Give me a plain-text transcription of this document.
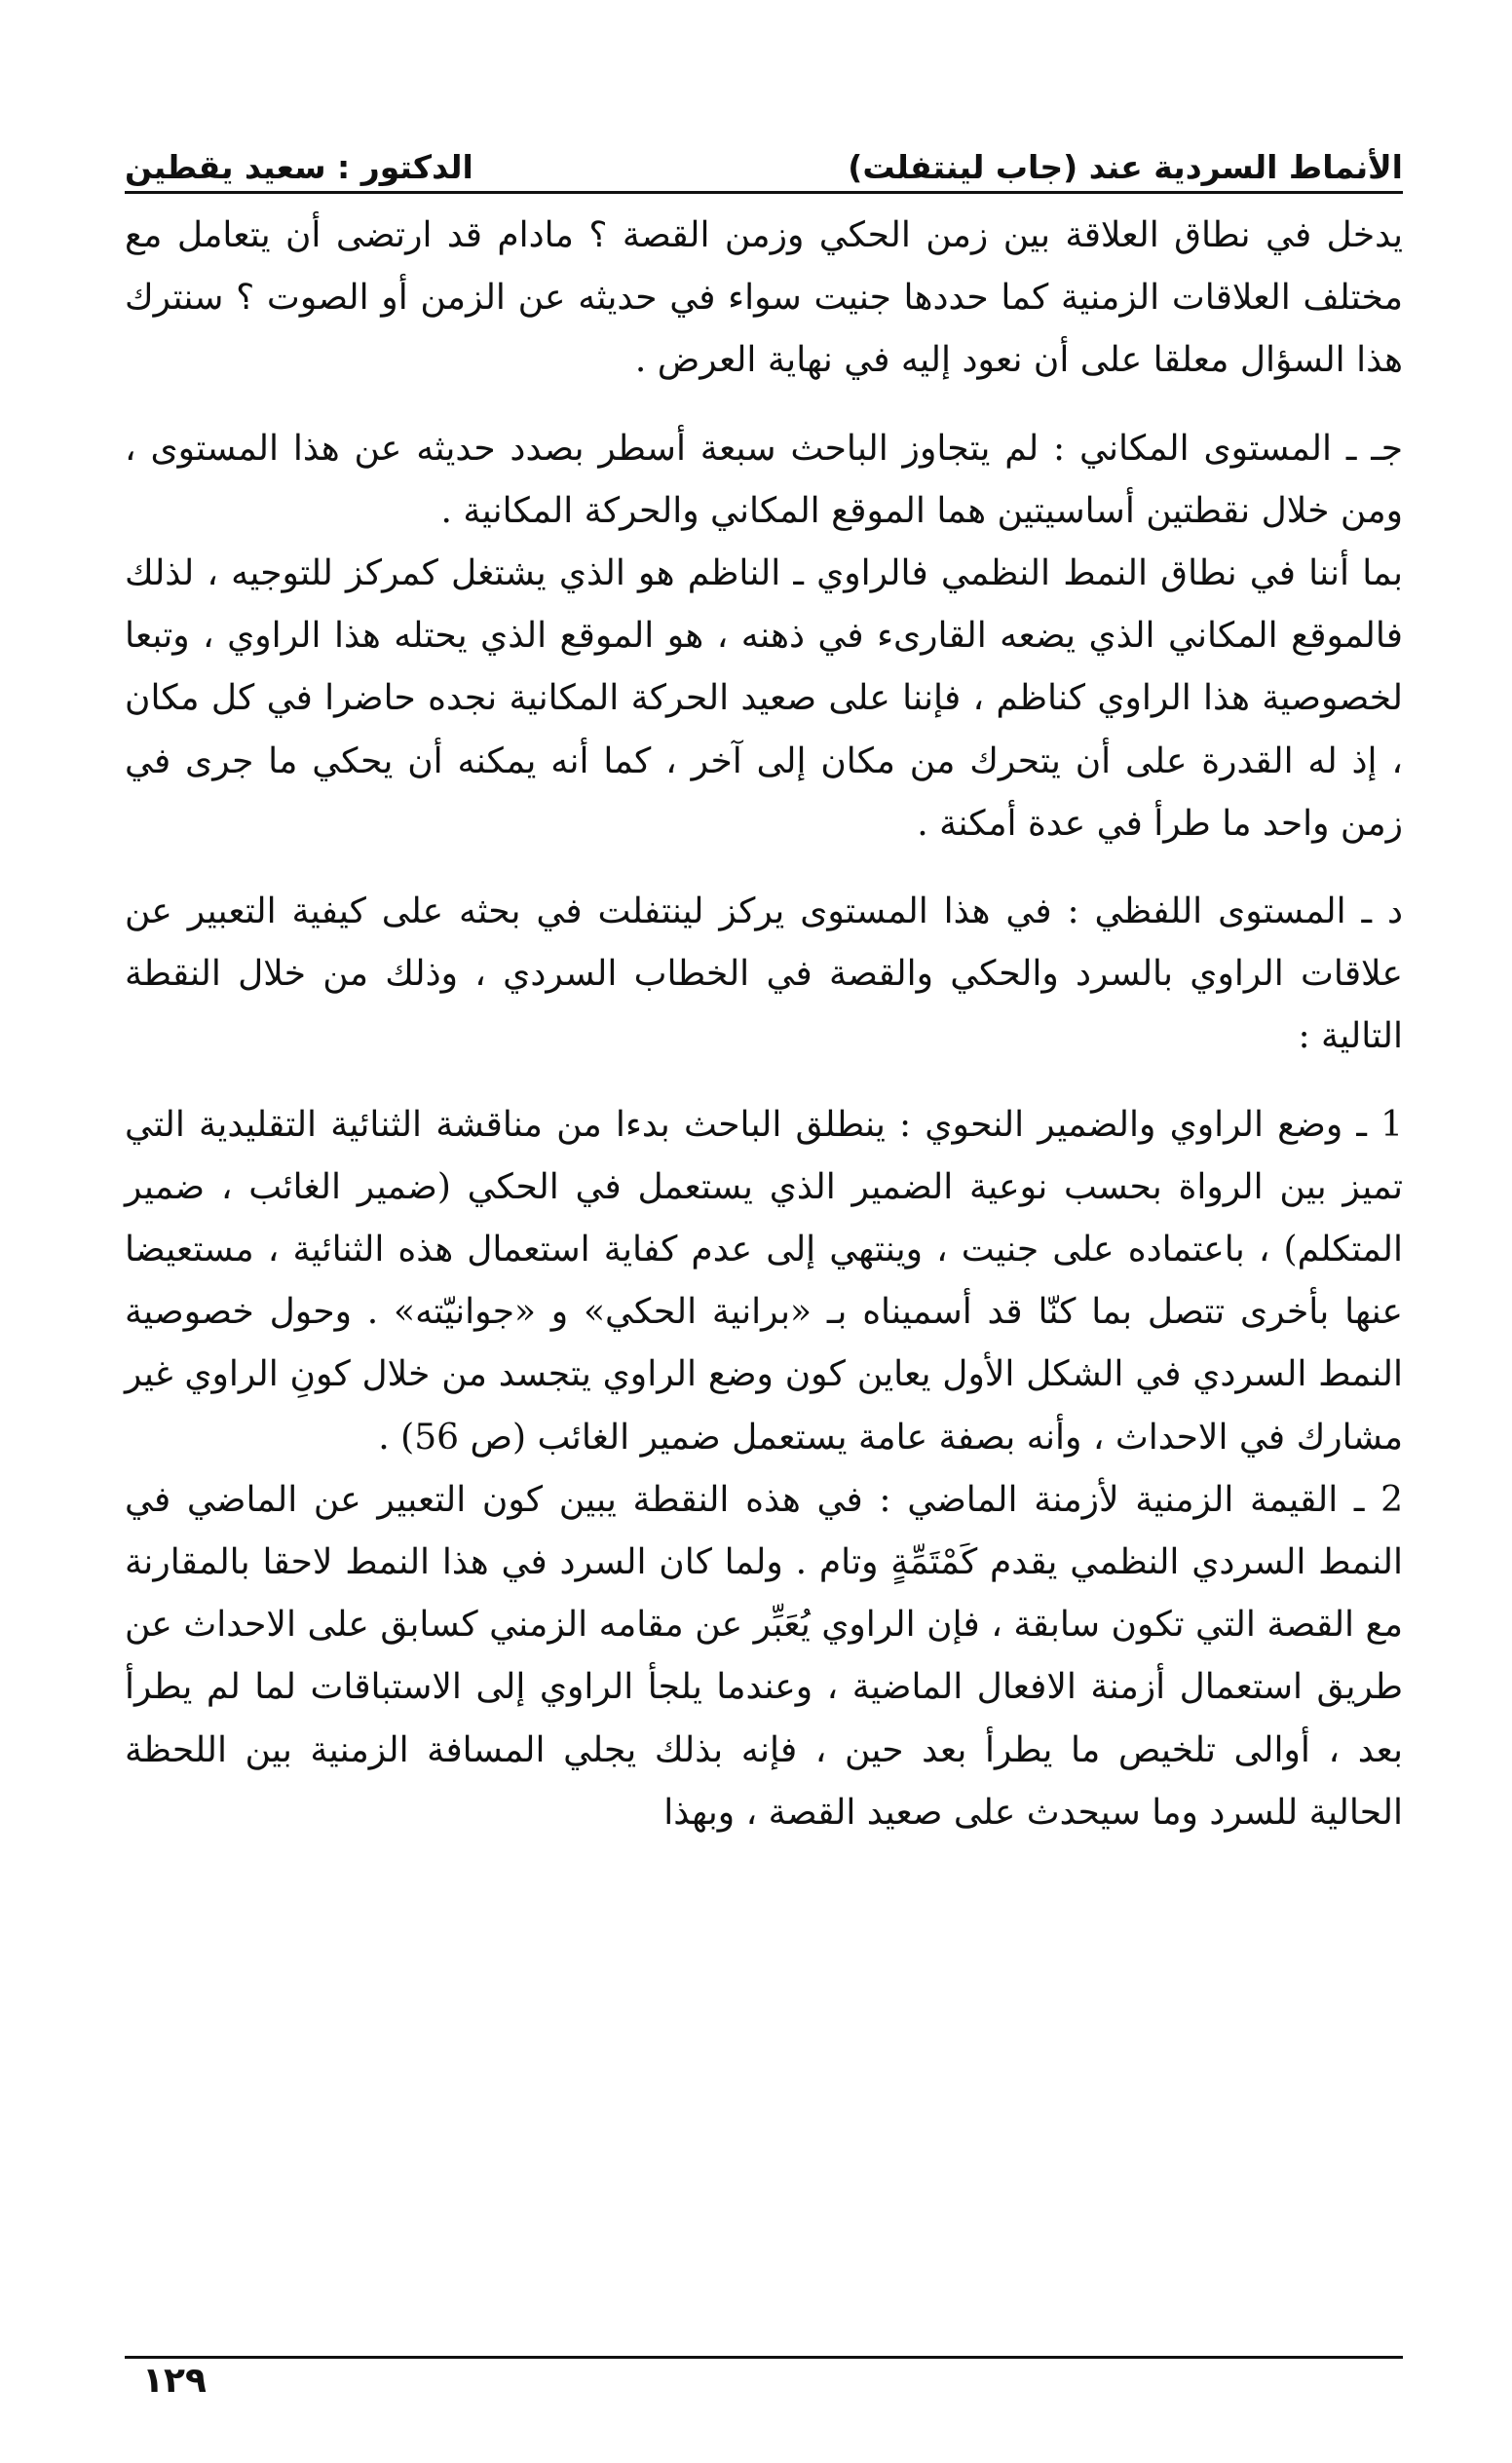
الأنماط السردية عند (جاب لينتفلت)
الدكتور : سعيد يقطين

يدخل في نطاق العلاقة بين زمن الحكي وزمن القصة ؟ مادام قد ارتضى أن يتعامل مع مختلف العلاقات الزمنية كما حددها جنيت سواء في حديثه عن الزمن أو الصوت ؟ سنترك هذا السؤال معلقا على أن نعود إليه في نهاية العرض .

جـ ـ المستوى المكاني : لم يتجاوز الباحث سبعة أسطر بصدد حديثه عن هذا المستوى ، ومن خلال نقطتين أساسيتين هما الموقع المكاني والحركة المكانية .

بما أننا في نطاق النمط النظمي فالراوي ـ الناظم هو الذي يشتغل كمركز للتوجيه ، لذلك فالموقع المكاني الذي يضعه القارىء في ذهنه ، هو الموقع الذي يحتله هذا الراوي ، وتبعا لخصوصية هذا الراوي كناظم ، فإننا على صعيد الحركة المكانية نجده حاضرا في كل مكان ، إذ له القدرة على أن يتحرك من مكان إلى آخر ، كما أنه يمكنه أن يحكي ما جرى في زمن واحد ما طرأ في عدة أمكنة .

د ـ المستوى اللفظي : في هذا المستوى يركز لينتفلت في بحثه على كيفية التعبير عن علاقات الراوي بالسرد والحكي والقصة في الخطاب السردي ، وذلك من خلال النقطة التالية :

1 ـ وضع الراوي والضمير النحوي : ينطلق الباحث بدءا من مناقشة الثنائية التقليدية التي تميز بين الرواة بحسب نوعية الضمير الذي يستعمل في الحكي (ضمير الغائب ، ضمير المتكلم) ، باعتماده على جنيت ، وينتهي إلى عدم كفاية استعمال هذه الثنائية ، مستعيضا عنها بأخرى تتصل بما كنّا قد أسميناه بـ «برانية الحكي» و «جوانيّته» . وحول خصوصية النمط السردي في الشكل الأول يعاين كون وضع الراوي يتجسد من خلال كونِ الراوي غير مشارك في الاحداث ، وأنه بصفة عامة يستعمل ضمير الغائب (ص 56) .

2 ـ القيمة الزمنية لأزمنة الماضي : في هذه النقطة يبين كون التعبير عن الماضي في النمط السردي النظمي يقدم كَمْتَمِّةٍ وتام . ولما كان السرد في هذا النمط لاحقا بالمقارنة مع القصة التي تكون سابقة ، فإن الراوي يُعَبِّر عن مقامه الزمني كسابق على الاحداث عن طريق استعمال أزمنة الافعال الماضية ، وعندما يلجأ الراوي إلى الاستباقات لما لم يطرأ بعد ، أوالى تلخيص ما يطرأ بعد حين ، فإنه بذلك يجلي المسافة الزمنية بين اللحظة الحالية للسرد وما سيحدث على صعيد القصة ، وبهذا

١٢٩
